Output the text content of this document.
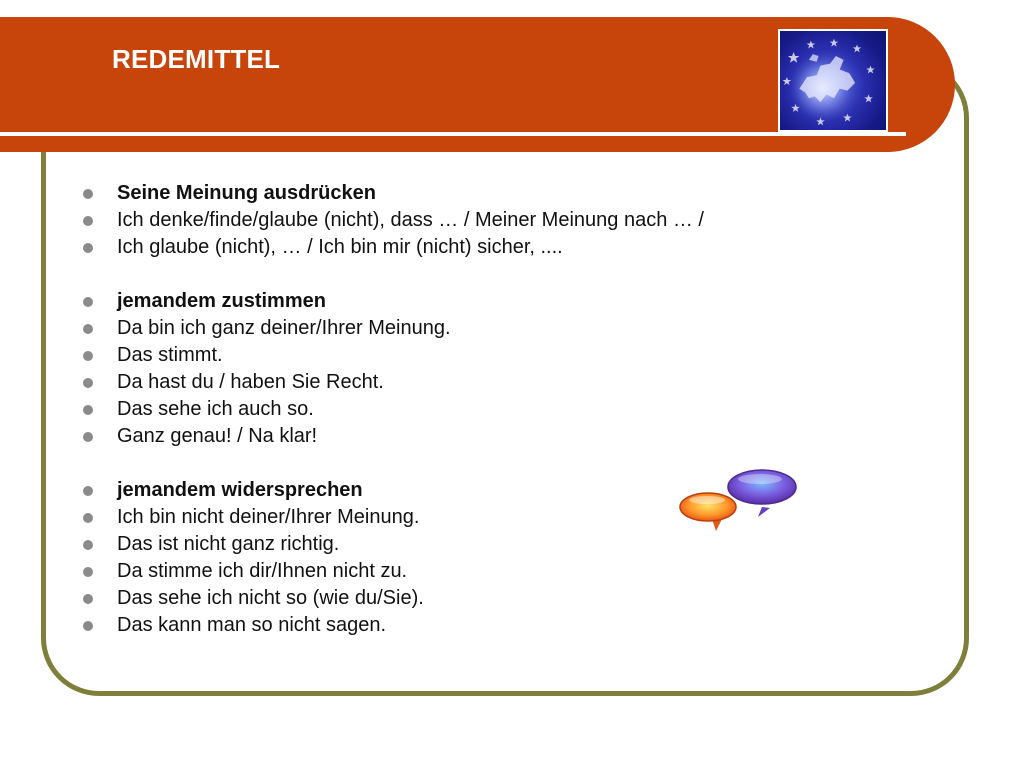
REDEMITTEL
Seine Meinung ausdrücken
Ich denke/finde/glaube (nicht), dass … / Meiner Meinung nach … /
Ich glaube (nicht), … / Ich bin mir (nicht) sicher, ....
jemandem zustimmen
Da bin ich ganz deiner/Ihrer Meinung.
Das stimmt.
Da hast du / haben Sie Recht.
Das sehe ich auch so.
Ganz genau! / Na klar!
jemandem widersprechen
Ich bin nicht deiner/Ihrer Meinung.
Das ist nicht ganz richtig.
Da stimme ich dir/Ihnen nicht zu.
Das sehe ich nicht so (wie du/Sie).
Das kann man so nicht sagen.
